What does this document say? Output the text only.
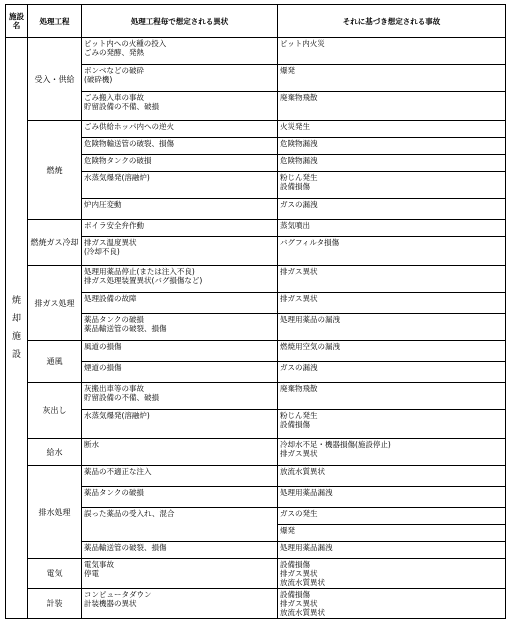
施設名	処理工程	処理工程毎で想定される異状	それに基づき想定される事故
焼
却
施
設	受入・供給	ピット内への火種の投入
ごみの発酵、発熱	ピット内火災
		ボンベなどの破砕
(破砕機)	爆発
		ごみ搬入車の事故
貯留設備の不備、破損	廃棄物飛散
	燃焼	ごみ供給ホッパ内への逆火	火災発生
		危険物輸送管の破裂、損傷	危険物漏洩
		危険物タンクの破損	危険物漏洩
		水蒸気爆発(溶融炉)	粉じん発生
設備損傷
		炉内圧変動	ガスの漏洩
	燃焼ガス冷却	ボイラ安全弁作動	蒸気噴出
		排ガス温度異状
(冷却不良)	バグフィルタ損傷
	排ガス処理	処理用薬品停止(または注入不良)
排ガス処理装置異状(バグ損傷など)	排ガス異状
		処理設備の故障	排ガス異状
		薬品タンクの破損
薬品輸送管の破裂、損傷	処理用薬品の漏洩
	通風	風道の損傷	燃焼用空気の漏洩
		煙道の損傷	ガスの漏洩
	灰出し	灰搬出車等の事故
貯留設備の不備、破損	廃棄物飛散
		水蒸気爆発(溶融炉)	粉じん発生
設備損傷
	給水	断水	冷却水不足・機器損傷(施設停止)
排ガス異状
	排水処理	薬品の不適正な注入	放流水質異状
		薬品タンクの破損	処理用薬品漏洩
		誤った薬品の受入れ、混合	ガスの発生
			爆発
		薬品輸送管の破裂、損傷	処理用薬品漏洩
	電気	電気事故
停電	設備損傷
排ガス異状
放流水質異状
	計装	コンピュータダウン
計装機器の異状	設備損傷
排ガス異状
放流水質異状
